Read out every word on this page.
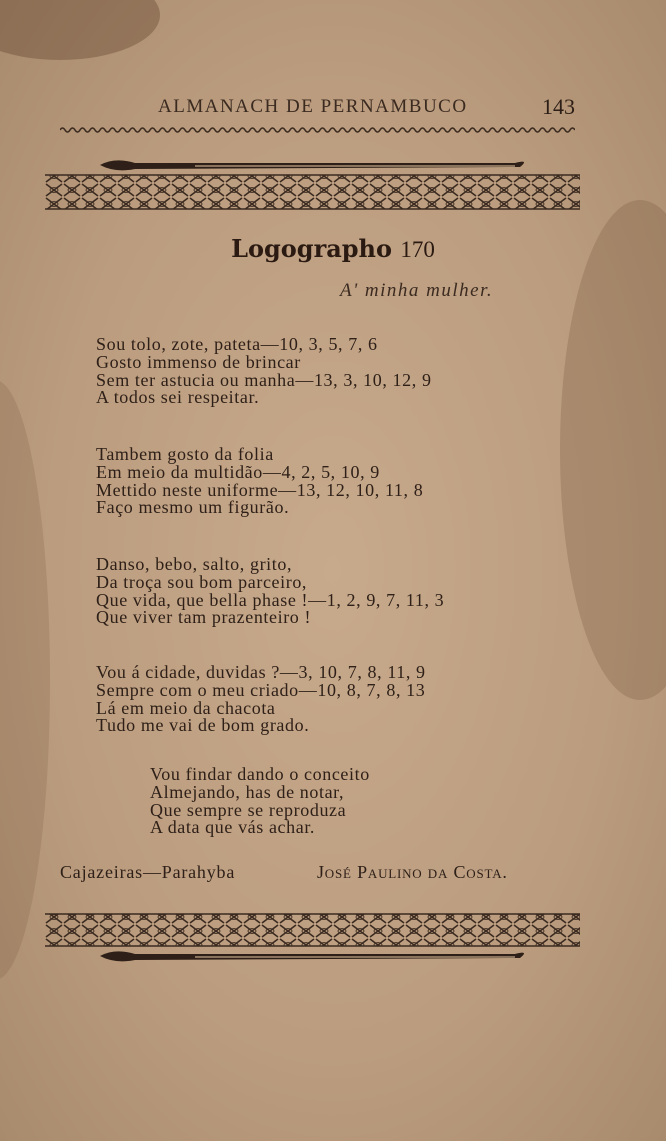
ALMANACH DE PERNAMBUCO	143
Logographo 170
A' minha mulher.
Sou tolo, zote, pateta—10, 3, 5, 7, 6
Gosto immenso de brincar
Sem ter astucia ou manha—13, 3, 10, 12, 9
A todos sei respeitar.
Tambem gosto da folia
Em meio da multidão—4, 2, 5, 10, 9
Mettido neste uniforme—13, 12, 10, 11, 8
Faço mesmo um figurão.
Danso, bebo, salto, grito,
Da troça sou bom parceiro,
Que vida, que bella phase !—1, 2, 9, 7, 11, 3
Que viver tam prazenteiro !
Vou á cidade, duvidas ?—3, 10, 7, 8, 11, 9
Sempre com o meu criado—10, 8, 7, 8, 13
Lá em meio da chacota
Tudo me vai de bom grado.
Vou findar dando o conceito
Almejando, has de notar,
Que sempre se reproduza
A data que vás achar.
Cajazeiras—Parahyba	José Paulino da Costa.
